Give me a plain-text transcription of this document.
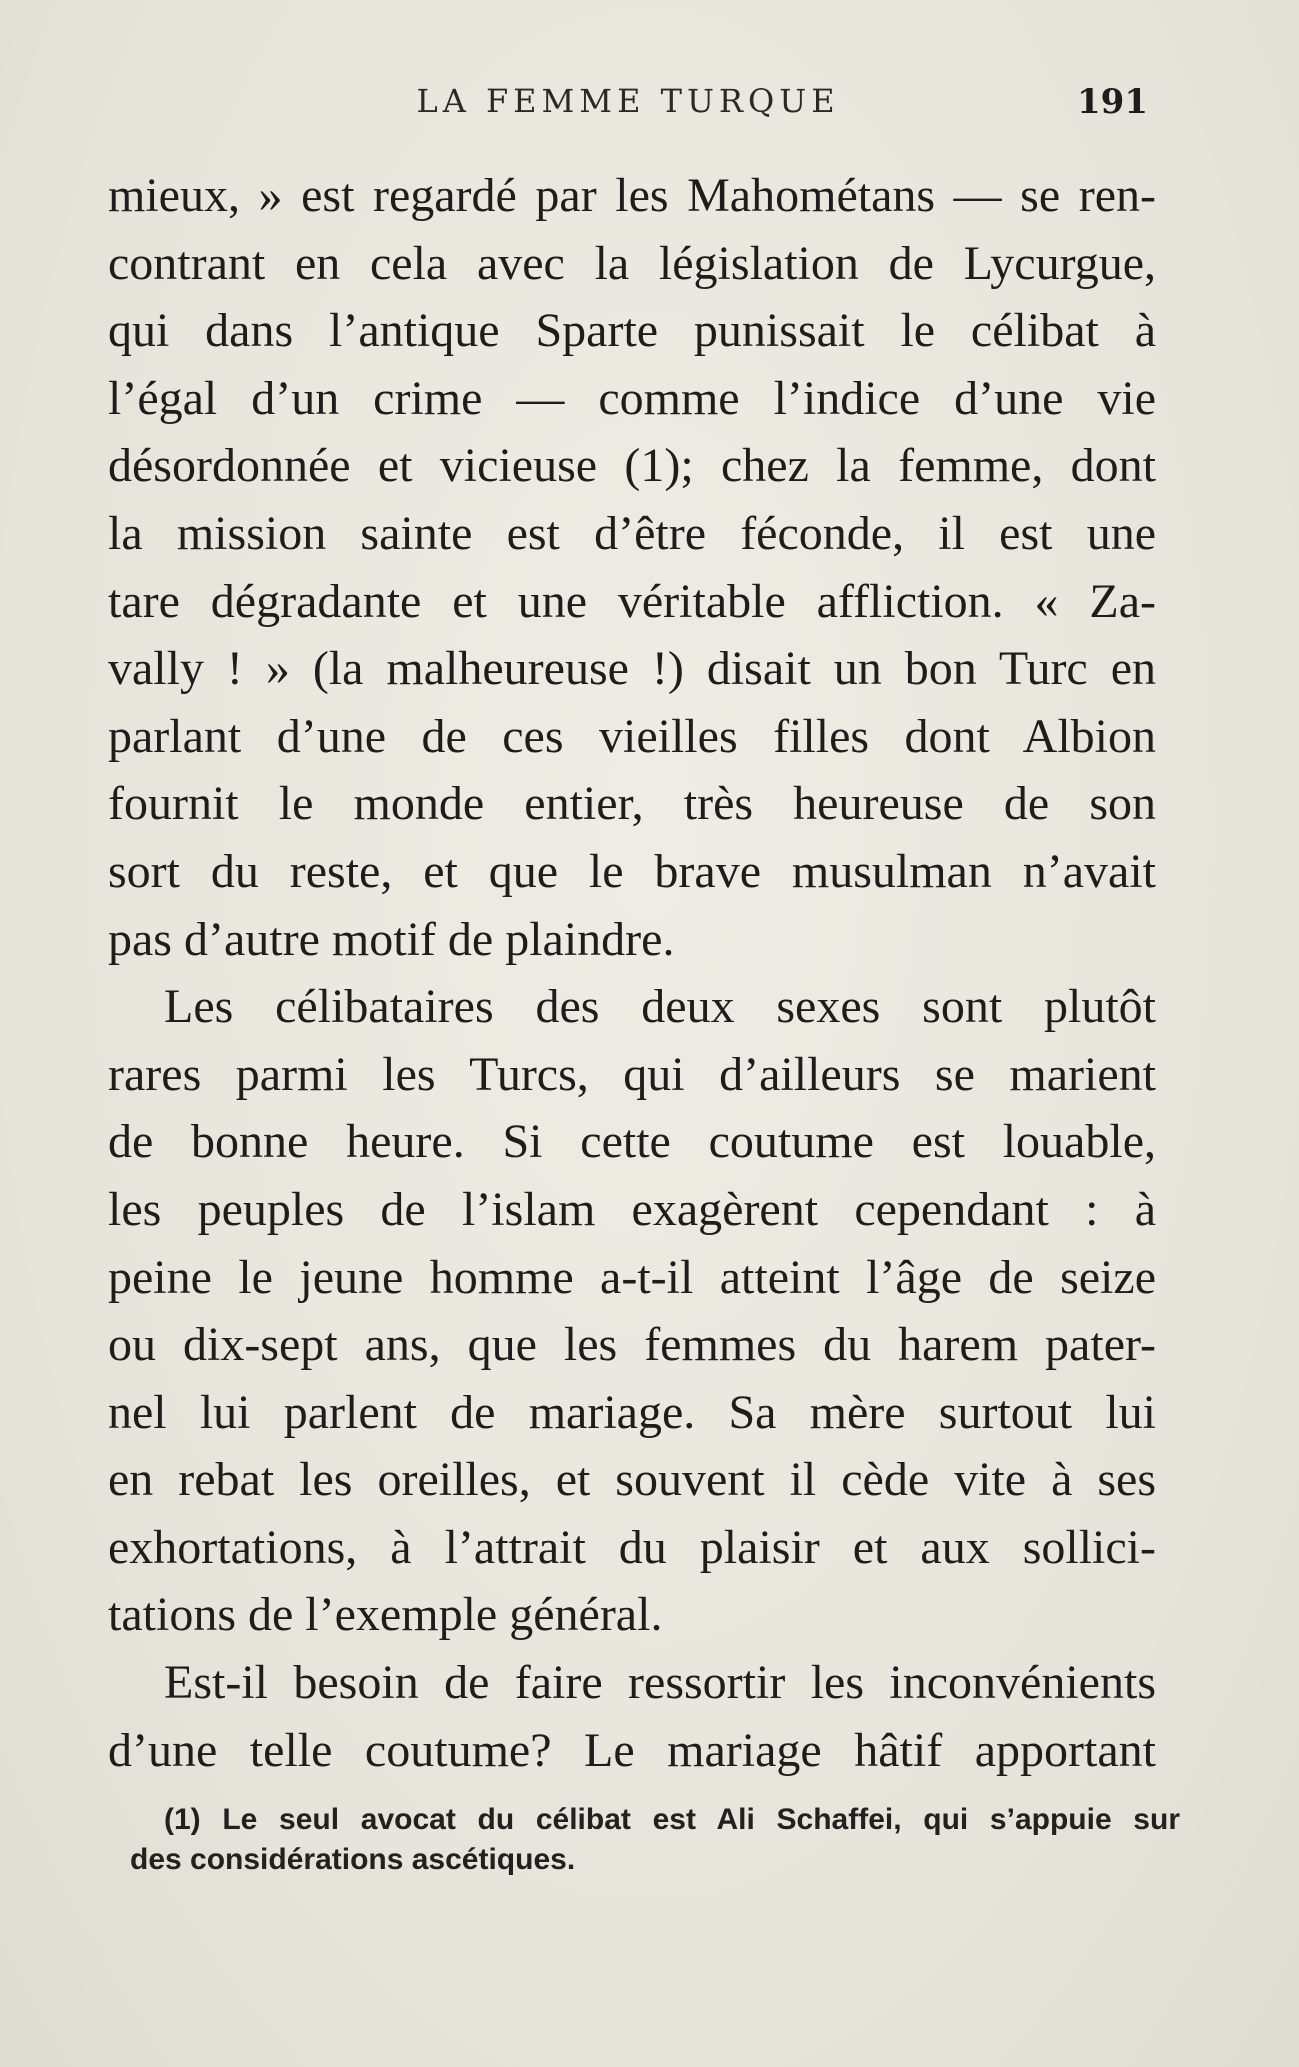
LA FEMME TURQUE	191
mieux, » est regardé par les Mahométans — se ren-
contrant en cela avec la législation de Lycurgue,
qui dans l’antique Sparte punissait le célibat à
l’égal d’un crime — comme l’indice d’une vie
désordonnée et vicieuse (1); chez la femme, dont
la mission sainte est d’être féconde, il est une
tare dégradante et une véritable affliction. « Za-
vally ! » (la malheureuse !) disait un bon Turc en
parlant d’une de ces vieilles filles dont Albion
fournit le monde entier, très heureuse de son
sort du reste, et que le brave musulman n’avait
pas d’autre motif de plaindre.
Les célibataires des deux sexes sont plutôt
rares parmi les Turcs, qui d’ailleurs se marient
de bonne heure. Si cette coutume est louable,
les peuples de l’islam exagèrent cependant : à
peine le jeune homme a-t-il atteint l’âge de seize
ou dix-sept ans, que les femmes du harem pater-
nel lui parlent de mariage. Sa mère surtout lui
en rebat les oreilles, et souvent il cède vite à ses
exhortations, à l’attrait du plaisir et aux sollici-
tations de l’exemple général.
Est-il besoin de faire ressortir les inconvénients
d’une telle coutume? Le mariage hâtif apportant
(1) Le seul avocat du célibat est Ali Schaffei, qui s’appuie sur
des considérations ascétiques.
